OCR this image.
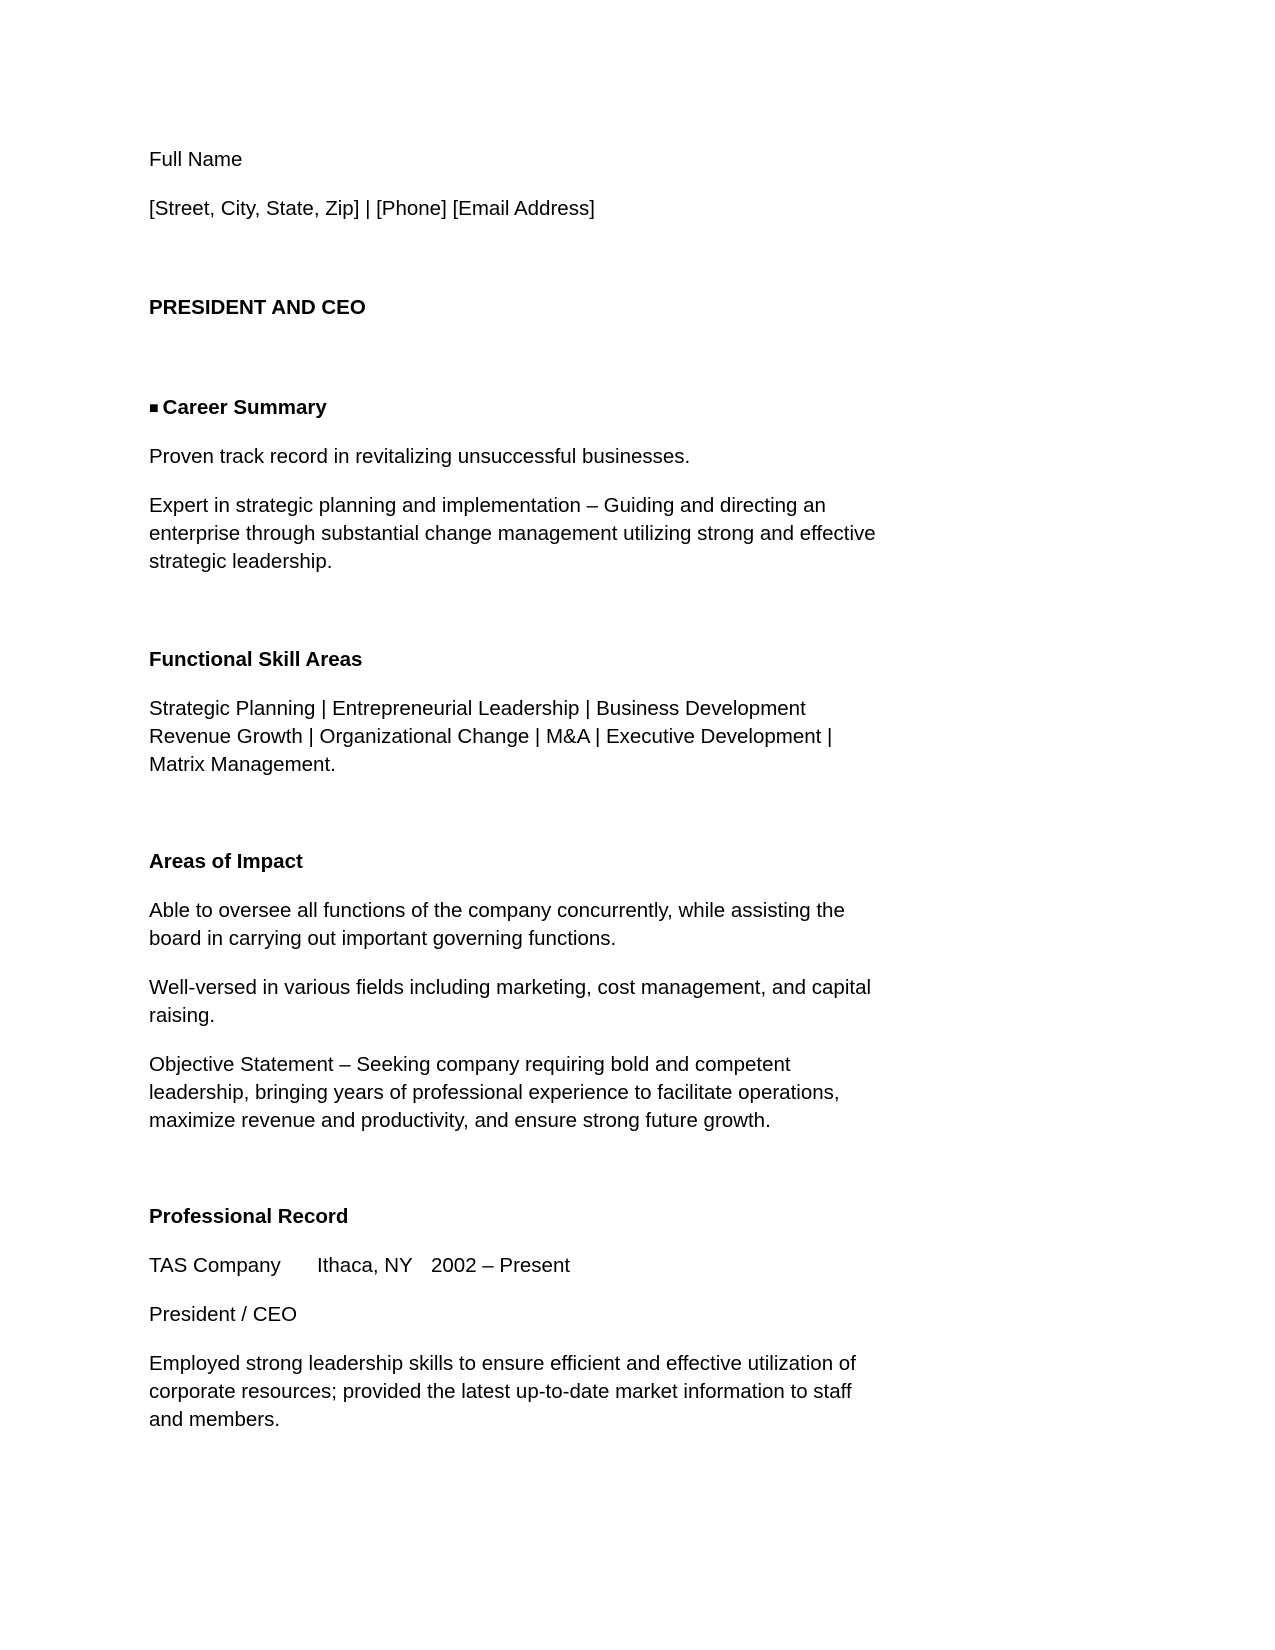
Full Name

[Street, City, State, Zip] | [Phone] [Email Address]

PRESIDENT AND CEO

■ Career Summary

Proven track record in revitalizing unsuccessful businesses.

Expert in strategic planning and implementation – Guiding and directing an
enterprise through substantial change management utilizing strong and effective
strategic leadership.

Functional Skill Areas

Strategic Planning | Entrepreneurial Leadership | Business Development
Revenue Growth | Organizational Change | M&A | Executive Development |
Matrix Management.

Areas of Impact

Able to oversee all functions of the company concurrently, while assisting the
board in carrying out important governing functions.

Well-versed in various fields including marketing, cost management, and capital
raising.

Objective Statement – Seeking company requiring bold and competent
leadership, bringing years of professional experience to facilitate operations,
maximize revenue and productivity, and ensure strong future growth.

Professional Record

TAS Company Ithaca, NY 2002 – Present

President / CEO

Employed strong leadership skills to ensure efficient and effective utilization of
corporate resources; provided the latest up-to-date market information to staff
and members.
